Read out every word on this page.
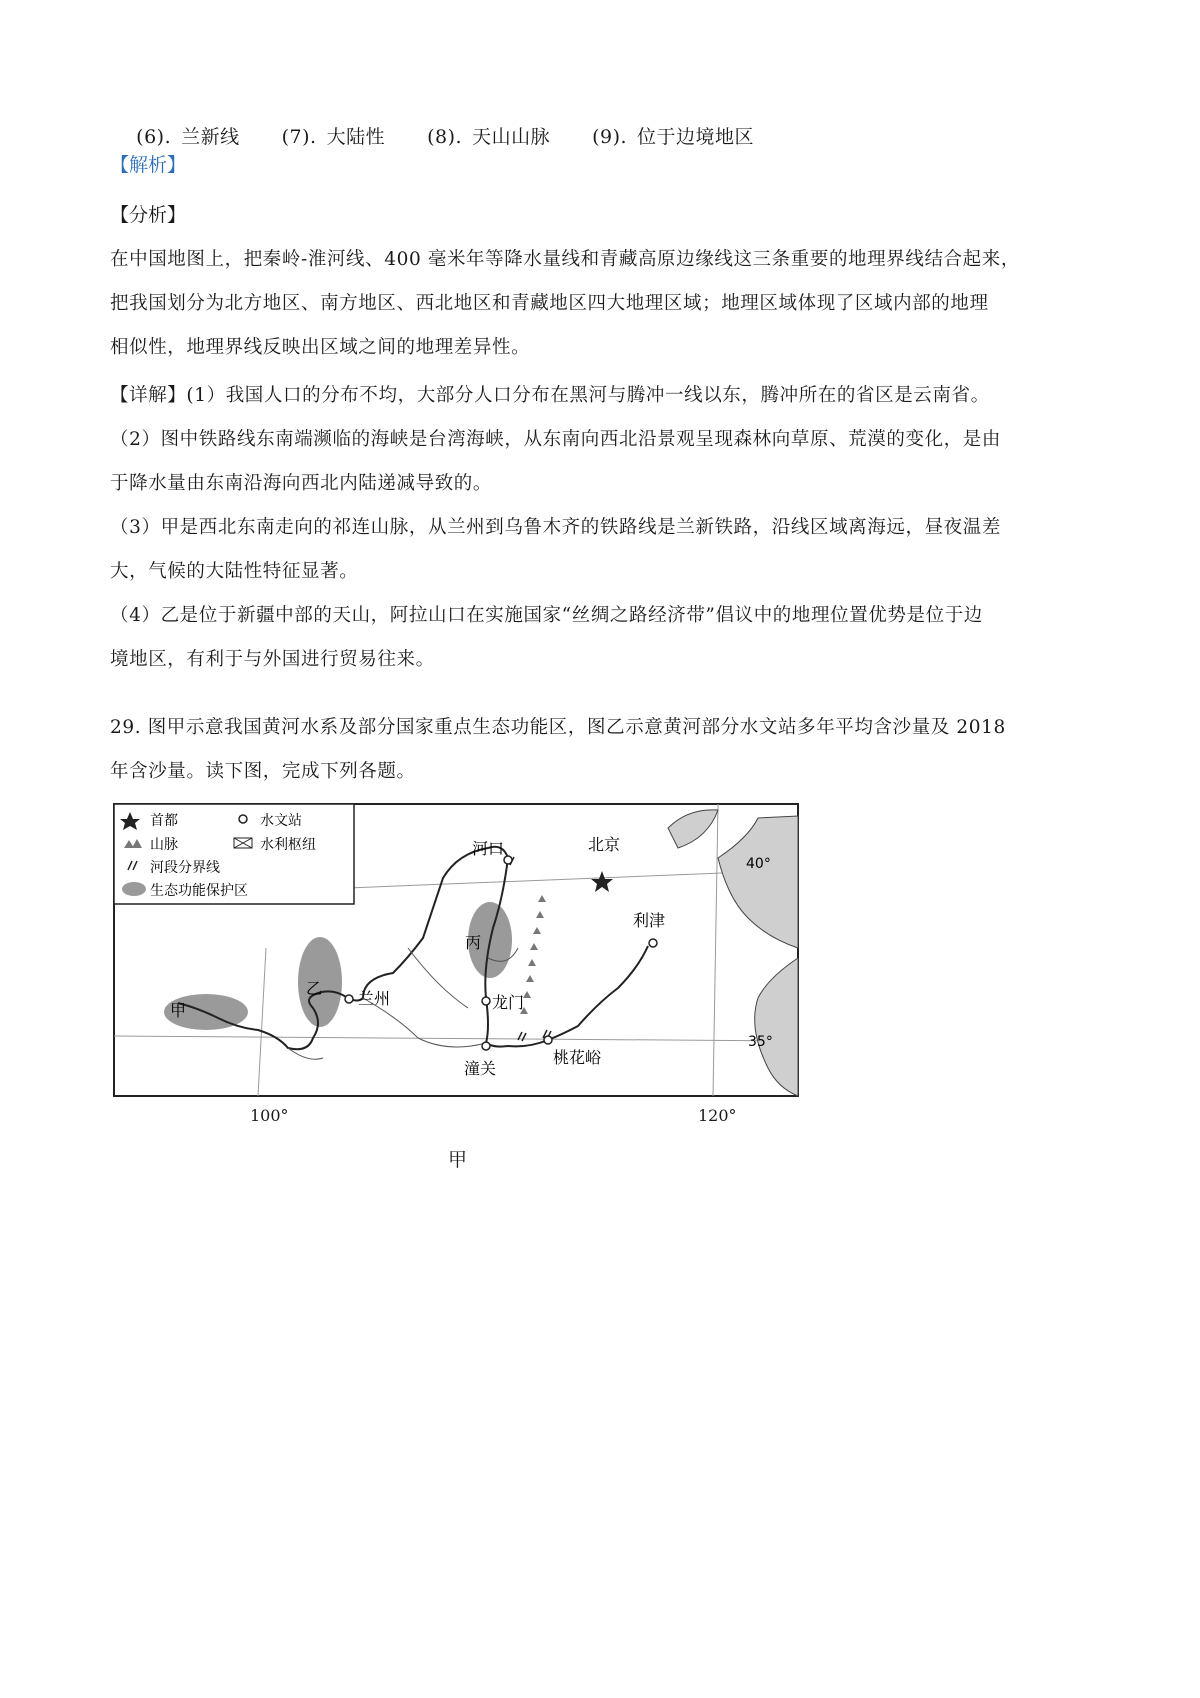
(6). 兰新线 (7). 大陆性 (8). 天山山脉 (9). 位于边境地区

【解析】
【分析】
在中国地图上，把秦岭-淮河线、400 毫米年等降水量线和青藏高原边缘线这三条重要的地理界线结合起来，
把我国划分为北方地区、南方地区、西北地区和青藏地区四大地理区域；地理区域体现了区域内部的地理
相似性，地理界线反映出区域之间的地理差异性。
【详解】(1）我国人口的分布不均，大部分人口分布在黑河与腾冲一线以东，腾冲所在的省区是云南省。
（2）图中铁路线东南端濒临的海峡是台湾海峡，从东南向西北沿景观呈现森林向草原、荒漠的变化，是由
于降水量由东南沿海向西北内陆递减导致的。
（3）甲是西北东南走向的祁连山脉，从兰州到乌鲁木齐的铁路线是兰新铁路，沿线区域离海远，昼夜温差
大，气候的大陆性特征显著。
（4）乙是位于新疆中部的天山，阿拉山口在实施国家“丝绸之路经济带”倡议中的地理位置优势是位于边
境地区，有利于与外国进行贸易往来。
29. 图甲示意我国黄河水系及部分国家重点生态功能区，图乙示意黄河部分水文站多年平均含沙量及 2018
年含沙量。读下图，完成下列各题。
河口	北京
利津
兰州	龙门
潼关
桃花峪
甲
乙
丙
首都	水文站
山脉	水利枢纽
河段分界线
生态功能保护区
40°
35°
100°	120°
甲
